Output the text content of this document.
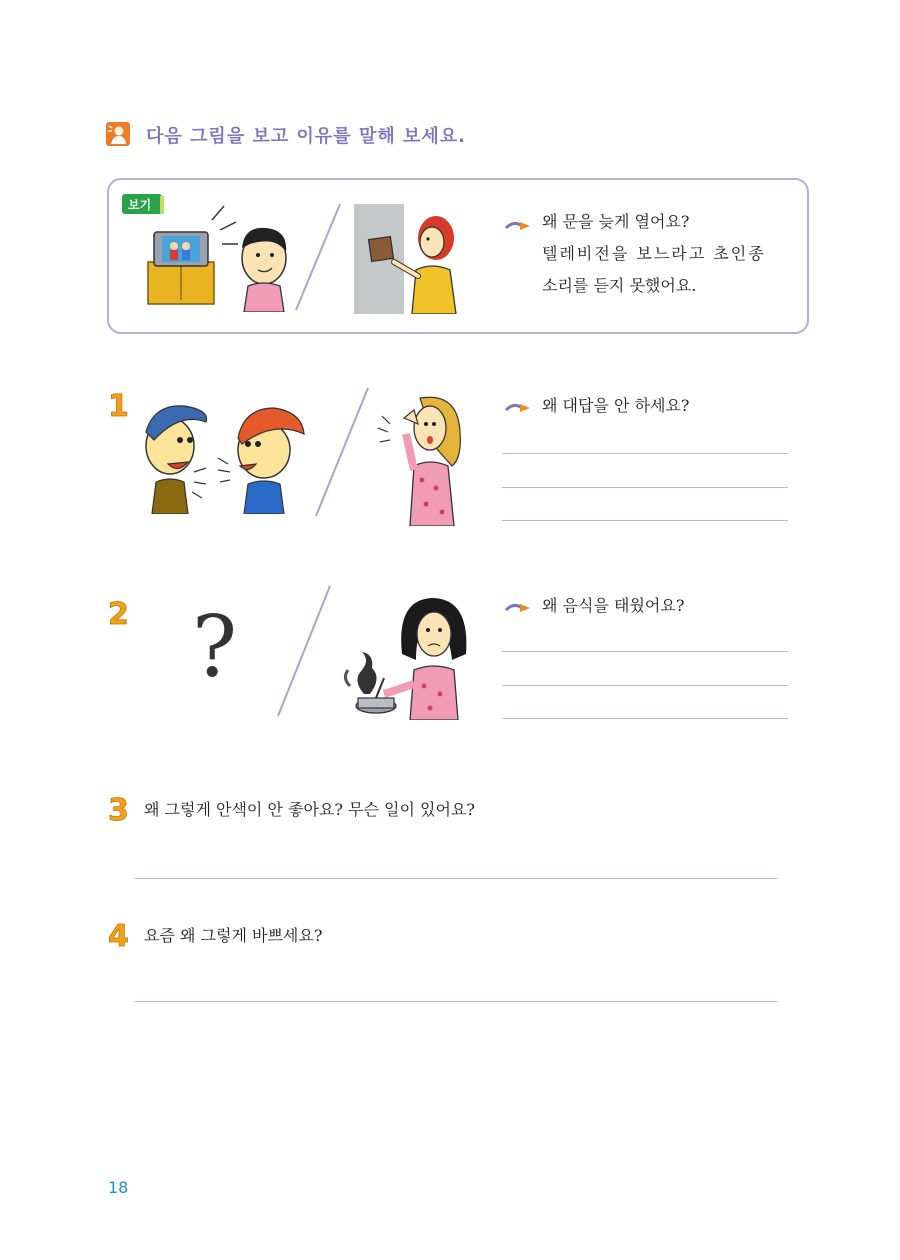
다음 그림을 보고 이유를 말해 보세요.
보기
왜 문을 늦게 열어요?
텔레비전을 보느라고 초인종
소리를 듣지 못했어요.
1	왜 대답을 안 하세요?
2 ?	왜 음식을 태웠어요?
3 왜 그렇게 안색이 안 좋아요? 무슨 일이 있어요?
4 요즘 왜 그렇게 바쁘세요?
18
